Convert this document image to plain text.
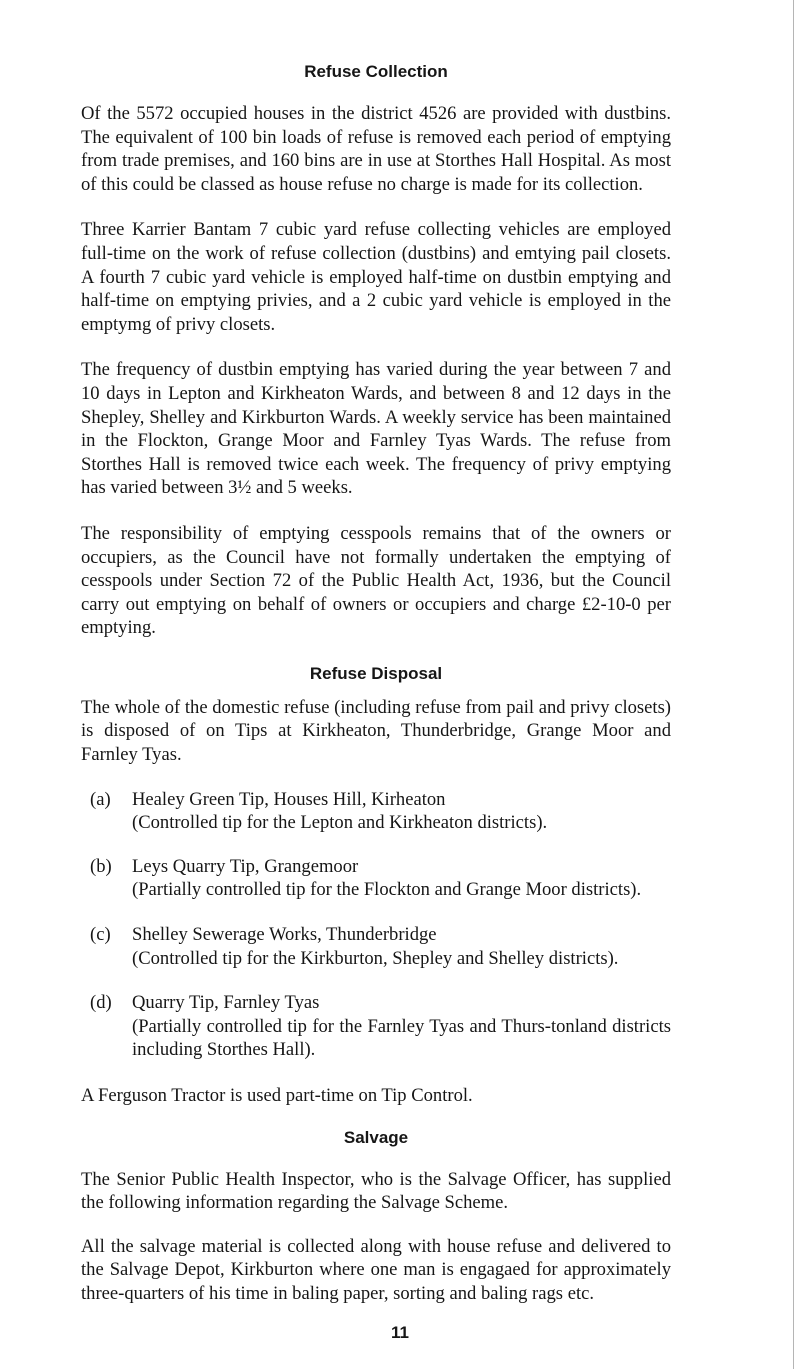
Refuse Collection

Of the 5572 occupied houses in the district 4526 are provided with dustbins. The equivalent of 100 bin loads of refuse is removed each period of emptying from trade premises, and 160 bins are in use at Storthes Hall Hospital. As most of this could be classed as house refuse no charge is made for its collection.

Three Karrier Bantam 7 cubic yard refuse collecting vehicles are employed full-time on the work of refuse collection (dustbins) and emtying pail closets. A fourth 7 cubic yard vehicle is employed half-time on dustbin emptying and half-time on emptying privies, and a 2 cubic yard vehicle is employed in the emptymg of privy closets.

The frequency of dustbin emptying has varied during the year between 7 and 10 days in Lepton and Kirkheaton Wards, and between 8 and 12 days in the Shepley, Shelley and Kirkburton Wards. A weekly service has been maintained in the Flockton, Grange Moor and Farnley Tyas Wards. The refuse from Storthes Hall is removed twice each week. The frequency of privy emptying has varied between 3½ and 5 weeks.

The responsibility of emptying cesspools remains that of the owners or occupiers, as the Council have not formally undertaken the emptying of cesspools under Section 72 of the Public Health Act, 1936, but the Council carry out emptying on behalf of owners or occupiers and charge £2-10-0 per emptying.

Refuse Disposal

The whole of the domestic refuse (including refuse from pail and privy closets) is disposed of on Tips at Kirkheaton, Thunderbridge, Grange Moor and Farnley Tyas.

(a)	Healey Green Tip, Houses Hill, Kirheaton
(Controlled tip for the Lepton and Kirkheaton districts).
(b)	Leys Quarry Tip, Grangemoor
(Partially controlled tip for the Flockton and Grange Moor districts).
(c)	Shelley Sewerage Works, Thunderbridge
(Controlled tip for the Kirkburton, Shepley and Shelley districts).
(d)	Quarry Tip, Farnley Tyas
(Partially controlled tip for the Farnley Tyas and Thurs-tonland districts including Storthes Hall).

A Ferguson Tractor is used part-time on Tip Control.

Salvage

The Senior Public Health Inspector, who is the Salvage Officer, has supplied the following information regarding the Salvage Scheme.

All the salvage material is collected along with house refuse and delivered to the Salvage Depot, Kirkburton where one man is engagaed for approximately three-quarters of his time in baling paper, sorting and baling rags etc.

11
